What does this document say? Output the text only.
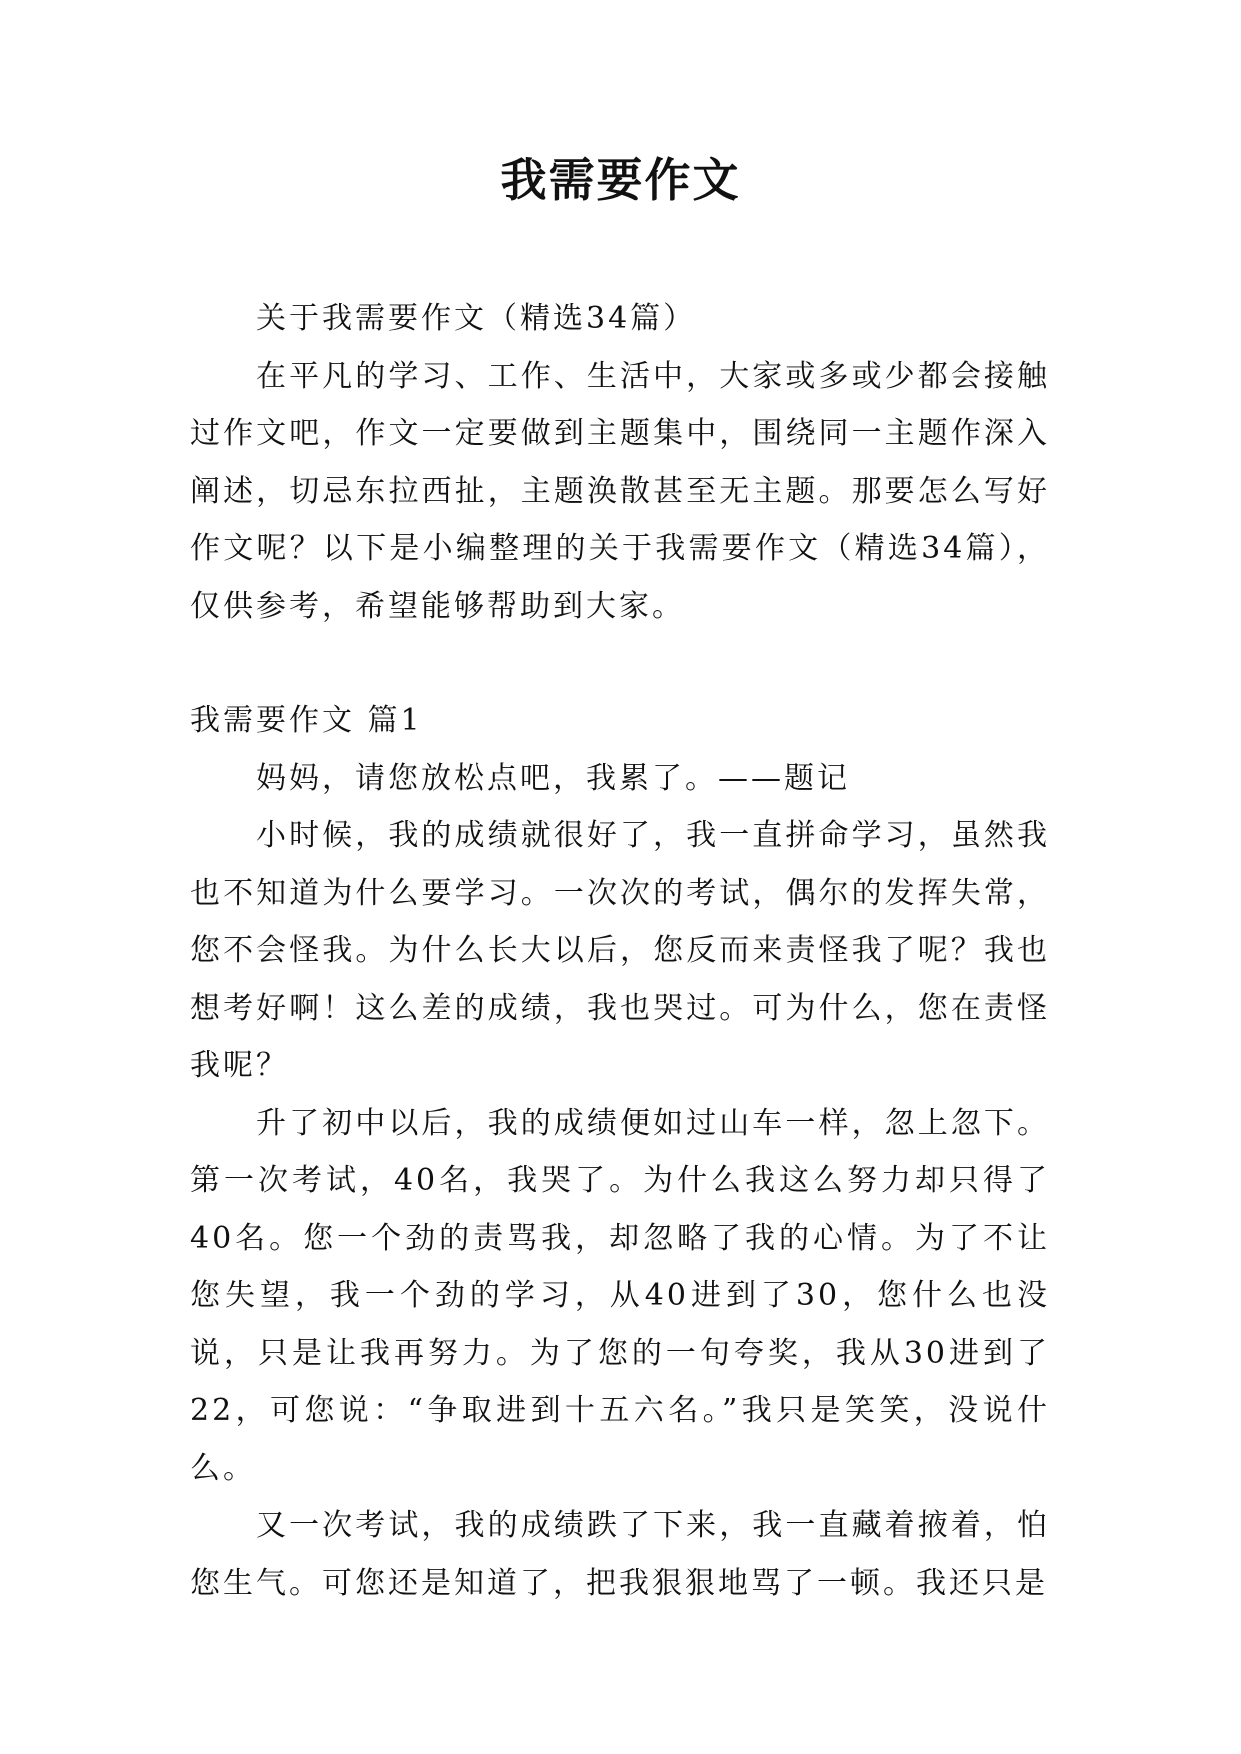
我需要作文

关于我需要作文（精选34篇）

在平凡的学习、工作、生活中，大家或多或少都会接触过作文吧，作文一定要做到主题集中，围绕同一主题作深入阐述，切忌东拉西扯，主题涣散甚至无主题。那要怎么写好作文呢？以下是小编整理的关于我需要作文（精选34篇），仅供参考，希望能够帮助到大家。

我需要作文 篇1

妈妈，请您放松点吧，我累了。——题记

小时候，我的成绩就很好了，我一直拼命学习，虽然我也不知道为什么要学习。一次次的考试，偶尔的发挥失常，您不会怪我。为什么长大以后，您反而来责怪我了呢？我也想考好啊！这么差的成绩，我也哭过。可为什么，您在责怪我呢？

升了初中以后，我的成绩便如过山车一样，忽上忽下。第一次考试，40名，我哭了。为什么我这么努力却只得了40名。您一个劲的责骂我，却忽略了我的心情。为了不让您失望，我一个劲的学习，从40进到了30，您什么也没说，只是让我再努力。为了您的一句夸奖，我从30进到了22，可您说：“争取进到十五六名。”我只是笑笑，没说什么。

又一次考试，我的成绩跌了下来，我一直藏着掖着，怕您生气。可您还是知道了，把我狠狠地骂了一顿。我还只是
